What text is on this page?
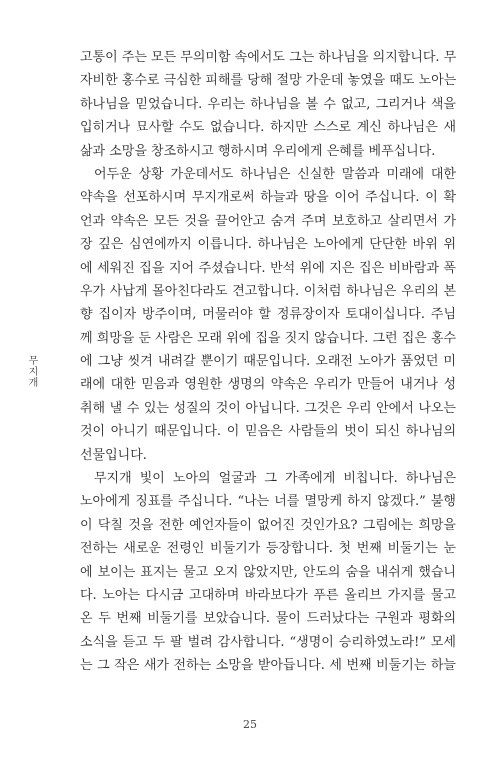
무지개
고통이 주는 모든 무의미함 속에서도 그는 하나님을 의지합니다. 무
자비한 홍수로 극심한 피해를 당해 절망 가운데 놓였을 때도 노아는
하나님을 믿었습니다. 우리는 하나님을 볼 수 없고, 그리거나 색을
입히거나 묘사할 수도 없습니다. 하지만 스스로 계신 하나님은 새
삶과 소망을 창조하시고 행하시며 우리에게 은혜를 베푸십니다.
어두운 상황 가운데서도 하나님은 신실한 말씀과 미래에 대한
약속을 선포하시며 무지개로써 하늘과 땅을 이어 주십니다. 이 확
언과 약속은 모든 것을 끌어안고 숨겨 주며 보호하고 살리면서 가
장 깊은 심연에까지 이릅니다. 하나님은 노아에게 단단한 바위 위
에 세워진 집을 지어 주셨습니다. 반석 위에 지은 집은 비바람과 폭
우가 사납게 몰아친다라도 견고합니다. 이처럼 하나님은 우리의 본
향 집이자 방주이며, 머물러야 할 정류장이자 토대이십니다. 주님
께 희망을 둔 사람은 모래 위에 집을 짓지 않습니다. 그런 집은 홍수
에 그냥 씻겨 내려갈 뿐이기 때문입니다. 오래전 노아가 품었던 미
래에 대한 믿음과 영원한 생명의 약속은 우리가 만들어 내거나 성
취해 낼 수 있는 성질의 것이 아닙니다. 그것은 우리 안에서 나오는
것이 아니기 때문입니다. 이 믿음은 사람들의 벗이 되신 하나님의
선물입니다.
무지개 빛이 노아의 얼굴과 그 가족에게 비칩니다. 하나님은
노아에게 징표를 주십니다. “나는 너를 멸망케 하지 않겠다.” 불행
이 닥칠 것을 전한 예언자들이 없어진 것인가요? 그림에는 희망을
전하는 새로운 전령인 비둘기가 등장합니다. 첫 번째 비둘기는 눈
에 보이는 표지는 물고 오지 않았지만, 안도의 숨을 내쉬게 했습니
다. 노아는 다시금 고대하며 바라보다가 푸른 올리브 가지를 물고
온 두 번째 비둘기를 보았습니다. 물이 드러났다는 구원과 평화의
소식을 듣고 두 팔 벌려 감사합니다. “생명이 승리하였노라!” 모세
는 그 작은 새가 전하는 소망을 받아듭니다. 세 번째 비둘기는 하늘
25
